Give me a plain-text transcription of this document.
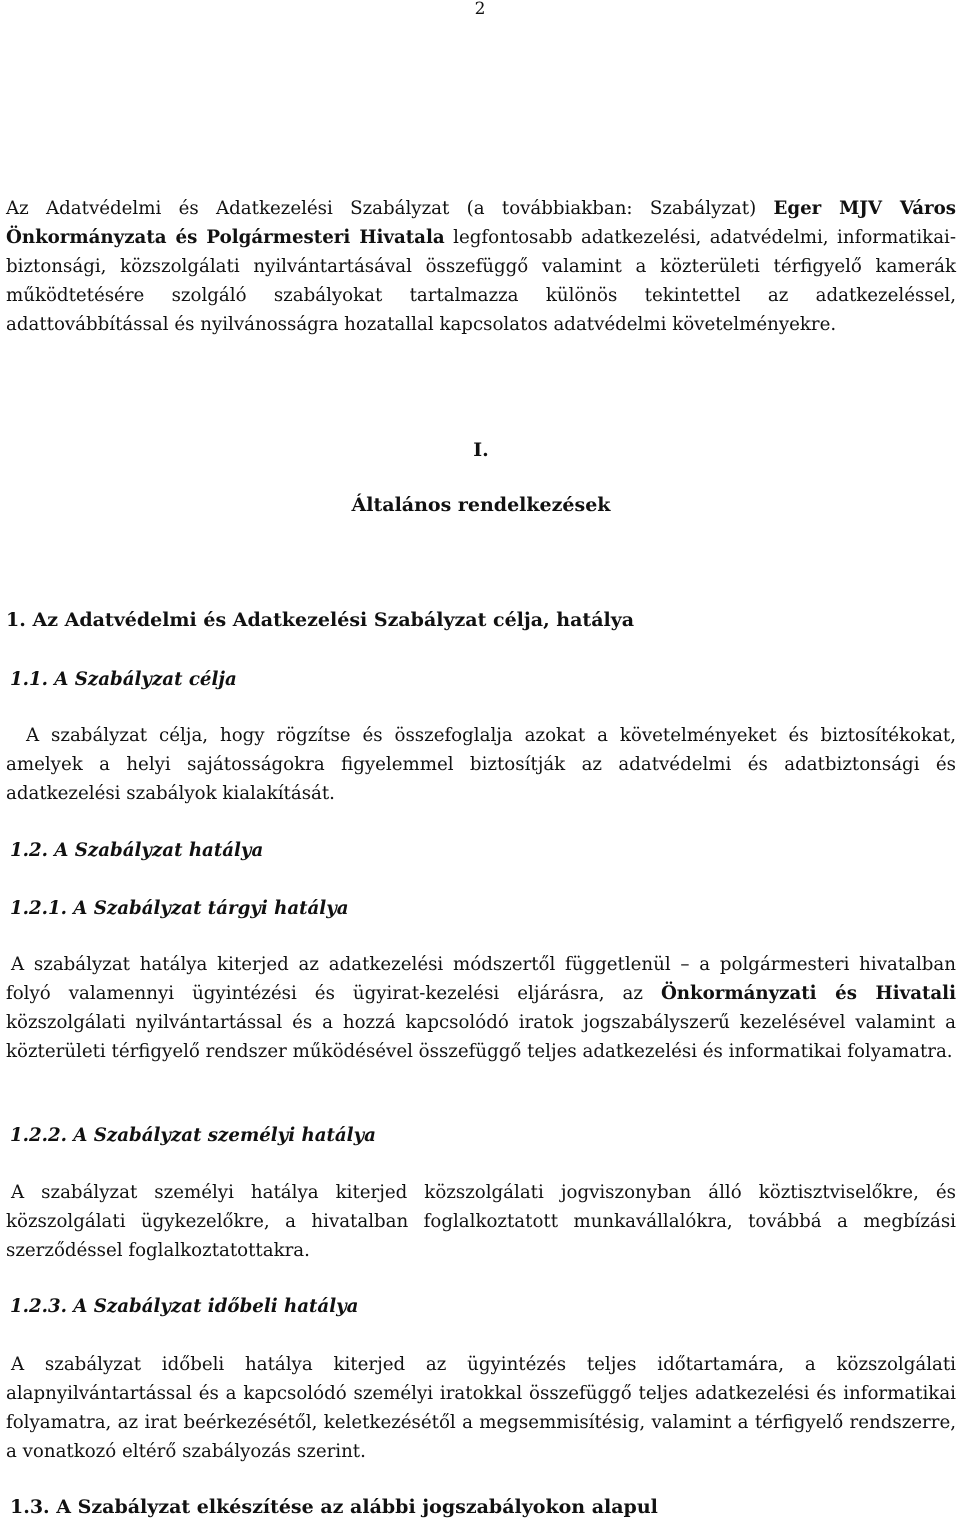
2
Az Adatvédelmi és Adatkezelési Szabályzat (a továbbiakban: Szabályzat) Eger MJV Város Önkormányzata és Polgármesteri Hivatala legfontosabb adatkezelési, adatvédelmi, informatikai-biztonsági, közszolgálati nyilvántartásával összefüggő valamint a közterületi térfigyelő kamerák működtetésére szolgáló szabályokat tartalmazza különös tekintettel az adatkezeléssel, adattovábbítással és nyilvánosságra hozatallal kapcsolatos adatvédelmi követelményekre.
I.
Általános rendelkezések
1. Az Adatvédelmi és Adatkezelési Szabályzat célja, hatálya
1.1. A Szabályzat célja
A szabályzat célja, hogy rögzítse és összefoglalja azokat a követelményeket és biztosítékokat, amelyek a helyi sajátosságokra figyelemmel biztosítják az adatvédelmi és adatbiztonsági és adatkezelési szabályok kialakítását.
1.2. A Szabályzat hatálya
1.2.1. A Szabályzat tárgyi hatálya
A szabályzat hatálya kiterjed az adatkezelési módszertől függetlenül – a polgármesteri hivatalban folyó valamennyi ügyintézési és ügyirat-kezelési eljárásra, az Önkormányzati és Hivatali közszolgálati nyilvántartással és a hozzá kapcsolódó iratok jogszabályszerű kezelésével valamint a közterületi térfigyelő rendszer működésével összefüggő teljes adatkezelési és informatikai folyamatra.
1.2.2. A Szabályzat személyi hatálya
A szabályzat személyi hatálya kiterjed közszolgálati jogviszonyban álló köztisztviselőkre, és közszolgálati ügykezelőkre, a hivatalban foglalkoztatott munkavállalókra, továbbá a megbízási szerződéssel foglalkoztatottakra.
1.2.3. A Szabályzat időbeli hatálya
A szabályzat időbeli hatálya kiterjed az ügyintézés teljes időtartamára, a közszolgálati alapnyilvántartással és a kapcsolódó személyi iratokkal összefüggő teljes adatkezelési és informatikai folyamatra, az irat beérkezésétől, keletkezésétől a megsemmisítésig, valamint a térfigyelő rendszerre, a vonatkozó eltérő szabályozás szerint.
1.3. A Szabályzat elkészítése az alábbi jogszabályokon alapul
